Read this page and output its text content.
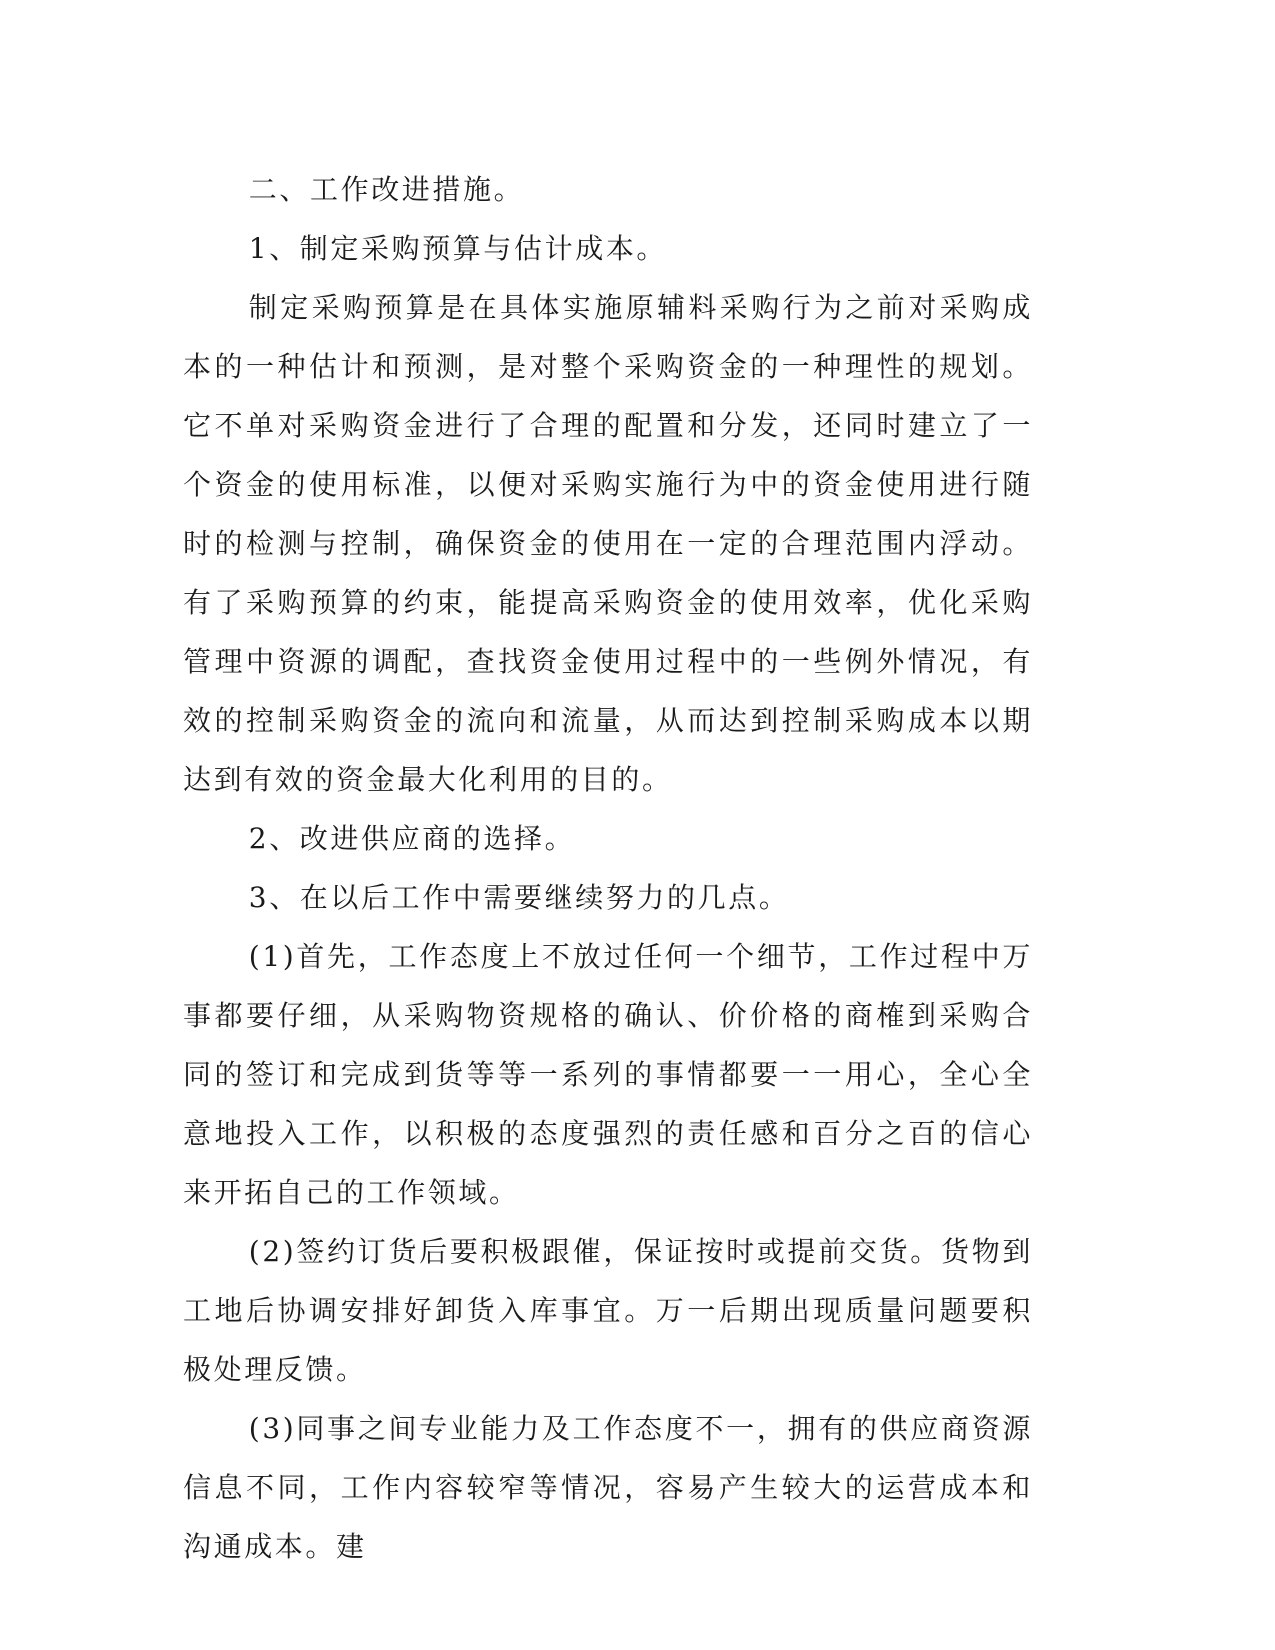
二、工作改进措施。

1、制定采购预算与估计成本。

制定采购预算是在具体实施原辅料采购行为之前对采购成本的一种估计和预测，是对整个采购资金的一种理性的规划。它不单对采购资金进行了合理的配置和分发，还同时建立了一个资金的使用标准，以便对采购实施行为中的资金使用进行随时的检测与控制，确保资金的使用在一定的合理范围内浮动。有了采购预算的约束，能提高采购资金的使用效率，优化采购管理中资源的调配，查找资金使用过程中的一些例外情况，有效的控制采购资金的流向和流量，从而达到控制采购成本以期达到有效的资金最大化利用的目的。

2、改进供应商的选择。

3、在以后工作中需要继续努力的几点。

(1)首先，工作态度上不放过任何一个细节，工作过程中万事都要仔细，从采购物资规格的确认、价价格的商榷到采购合同的签订和完成到货等等一系列的事情都要一一用心，全心全意地投入工作，以积极的态度强烈的责任感和百分之百的信心来开拓自己的工作领域。

(2)签约订货后要积极跟催，保证按时或提前交货。货物到工地后协调安排好卸货入库事宜。万一后期出现质量问题要积极处理反馈。

(3)同事之间专业能力及工作态度不一，拥有的供应商资源信息不同，工作内容较窄等情况，容易产生较大的运营成本和沟通成本。建
